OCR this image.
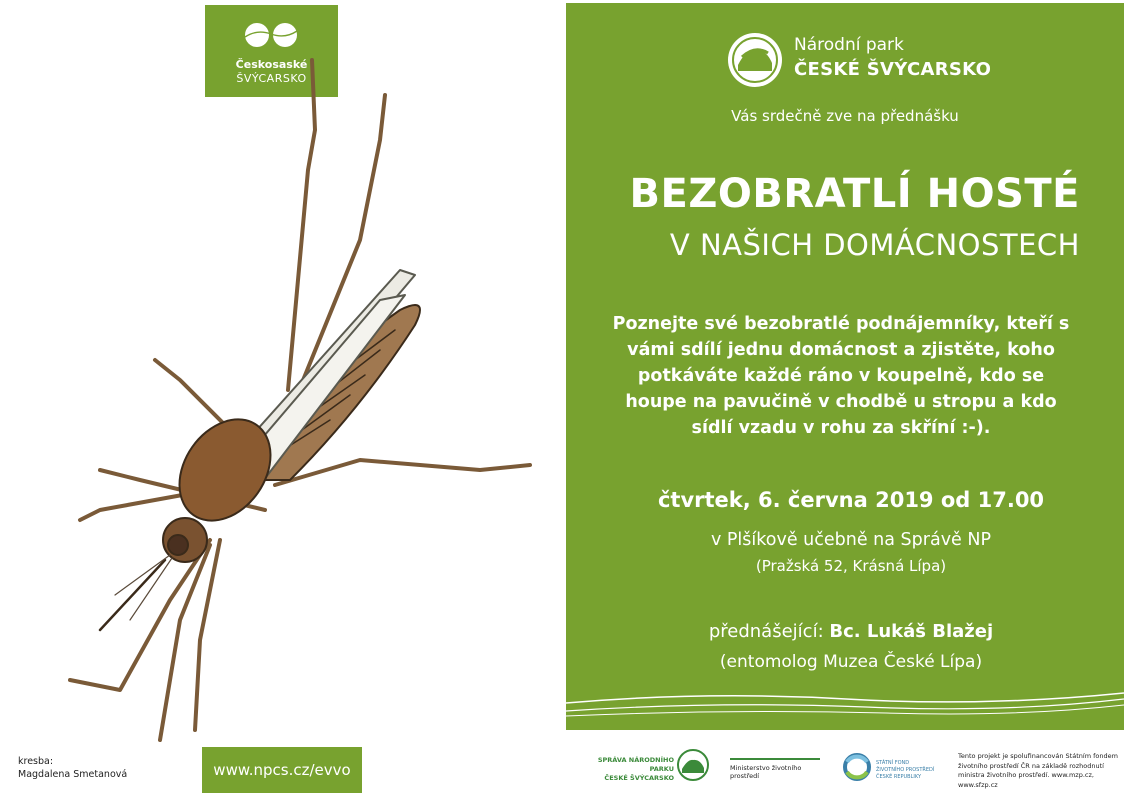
Českosaské
ŠVÝCARSKO
kresba:
Magdalena Smetanová	www.npcs.cz/evvo
Národní park
ČESKÉ ŠVÝCARSKO
Vás srdečně zve na přednášku
BEZOBRATLÍ HOSTÉ
V NAŠICH DOMÁCNOSTECH
Poznejte své bezobratlé podnájemníky, kteří s
vámi sdílí jednu domácnost a zjistěte, koho
potkáváte každé ráno v koupelně, kdo se
houpe na pavučině v chodbě u stropu a kdo
sídlí vzadu v rohu za skříní :-).
čtvrtek, 6. června 2019 od 17.00
v Plšíkově učebně na Správě NP
(Pražská 52, Krásná Lípa)
přednášející: Bc. Lukáš Blažej
(entomolog Muzea České Lípa)
SPRÁVA NÁRODNÍHO PARKU
ČESKÉ ŠVÝCARSKO
Ministerstvo životního prostředí
STÁTNÍ FOND
ŽIVOTNÍHO PROSTŘEDÍ
ČESKÉ REPUBLIKY
Tento projekt je spolufinancován Státním fondem životního prostředí ČR na základě rozhodnutí ministra životního prostředí. www.mzp.cz, www.sfzp.cz
